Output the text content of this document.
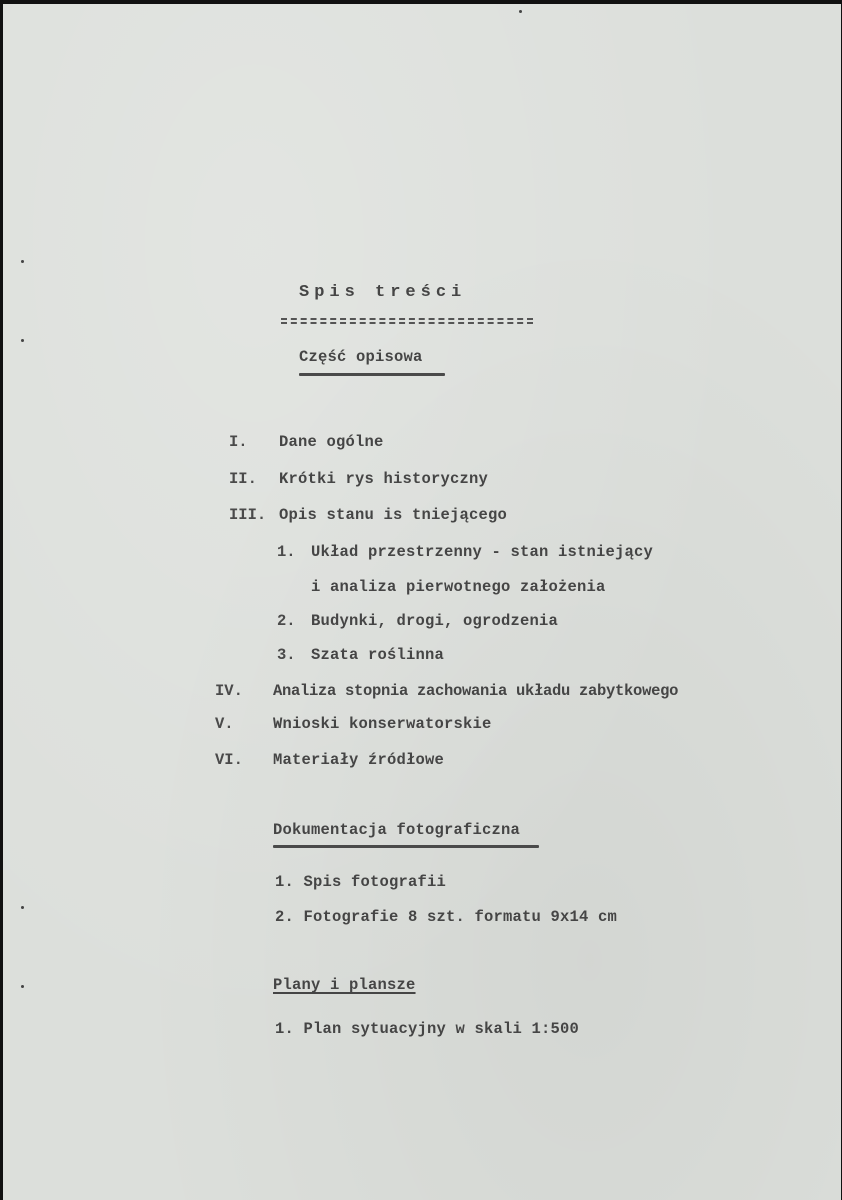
Spis treści
Część opisowa
I. Dane ogólne
II. Krótki rys historyczny
III. Opis stanu is tniejącego
1. Układ przestrzenny - stan istniejący
i analiza pierwotnego założenia
2. Budynki, drogi, ogrodzenia
3. Szata roślinna
IV. Analiza stopnia zachowania układu zabytkowego
V.	Wnioski konserwatorskie
VI. Materiały źródłowe
Dokumentacja fotograficzna
1. Spis fotografii
2. Fotografie 8 szt. formatu 9x14 cm
Plany i plansze
1. Plan sytuacyjny w skali 1:500
